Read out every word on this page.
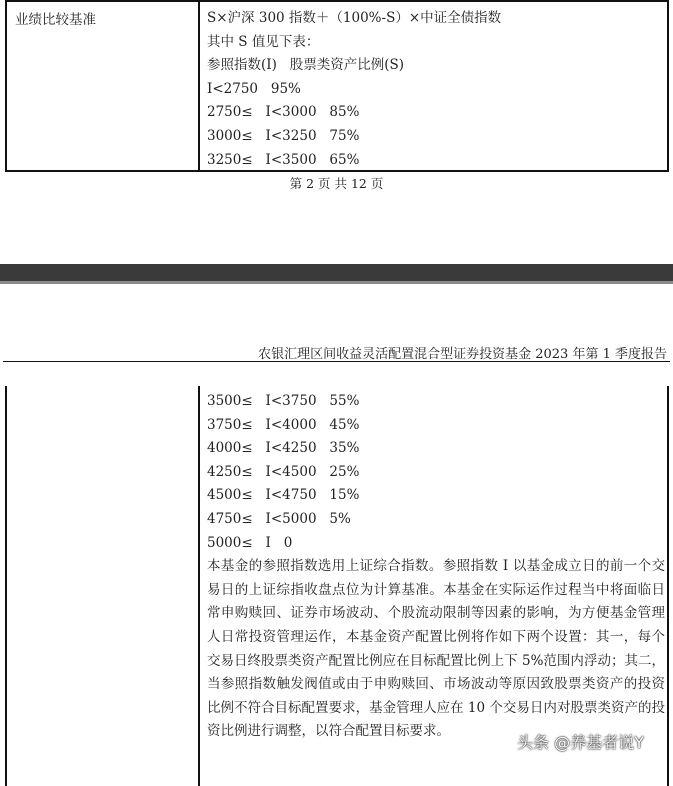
业绩比较基准	S×沪深 300 指数＋（100%-S）×中证全债指数
其中 S 值见下表：
参照指数(I)   股票类资产比例(S)
I<2750   95%
2750≤   I<3000   85%
3000≤   I<3250   75%
3250≤   I<3500   65%
第 2 页 共 12 页
农银汇理区间收益灵活配置混合型证券投资基金 2023 年第 1 季度报告
3500≤   I<3750   55%
3750≤   I<4000   45%
4000≤   I<4250   35%
4250≤   I<4500   25%
4500≤   I<4750   15%
4750≤   I<5000   5%
5000≤   I   0
本基金的参照指数选用上证综合指数。参照指数 I 以基金成立日的前一个交易日的上证综指收盘点位为计算基准。本基金在实际运作过程当中将面临日常申购赎回、证券市场波动、个股流动限制等因素的影响，为方便基金管理人日常投资管理运作，本基金资产配置比例将作如下两个设置：其一，每个交易日终股票类资产配置比例应在目标配置比例上下 5%范围内浮动；其二，当参照指数触发阀值或由于申购赎回、市场波动等原因致股票类资产的投资比例不符合目标配置要求，基金管理人应在 10 个交易日内对股票类资产的投资比例进行调整，以符合配置目标要求。
头条 @养基者说Y
